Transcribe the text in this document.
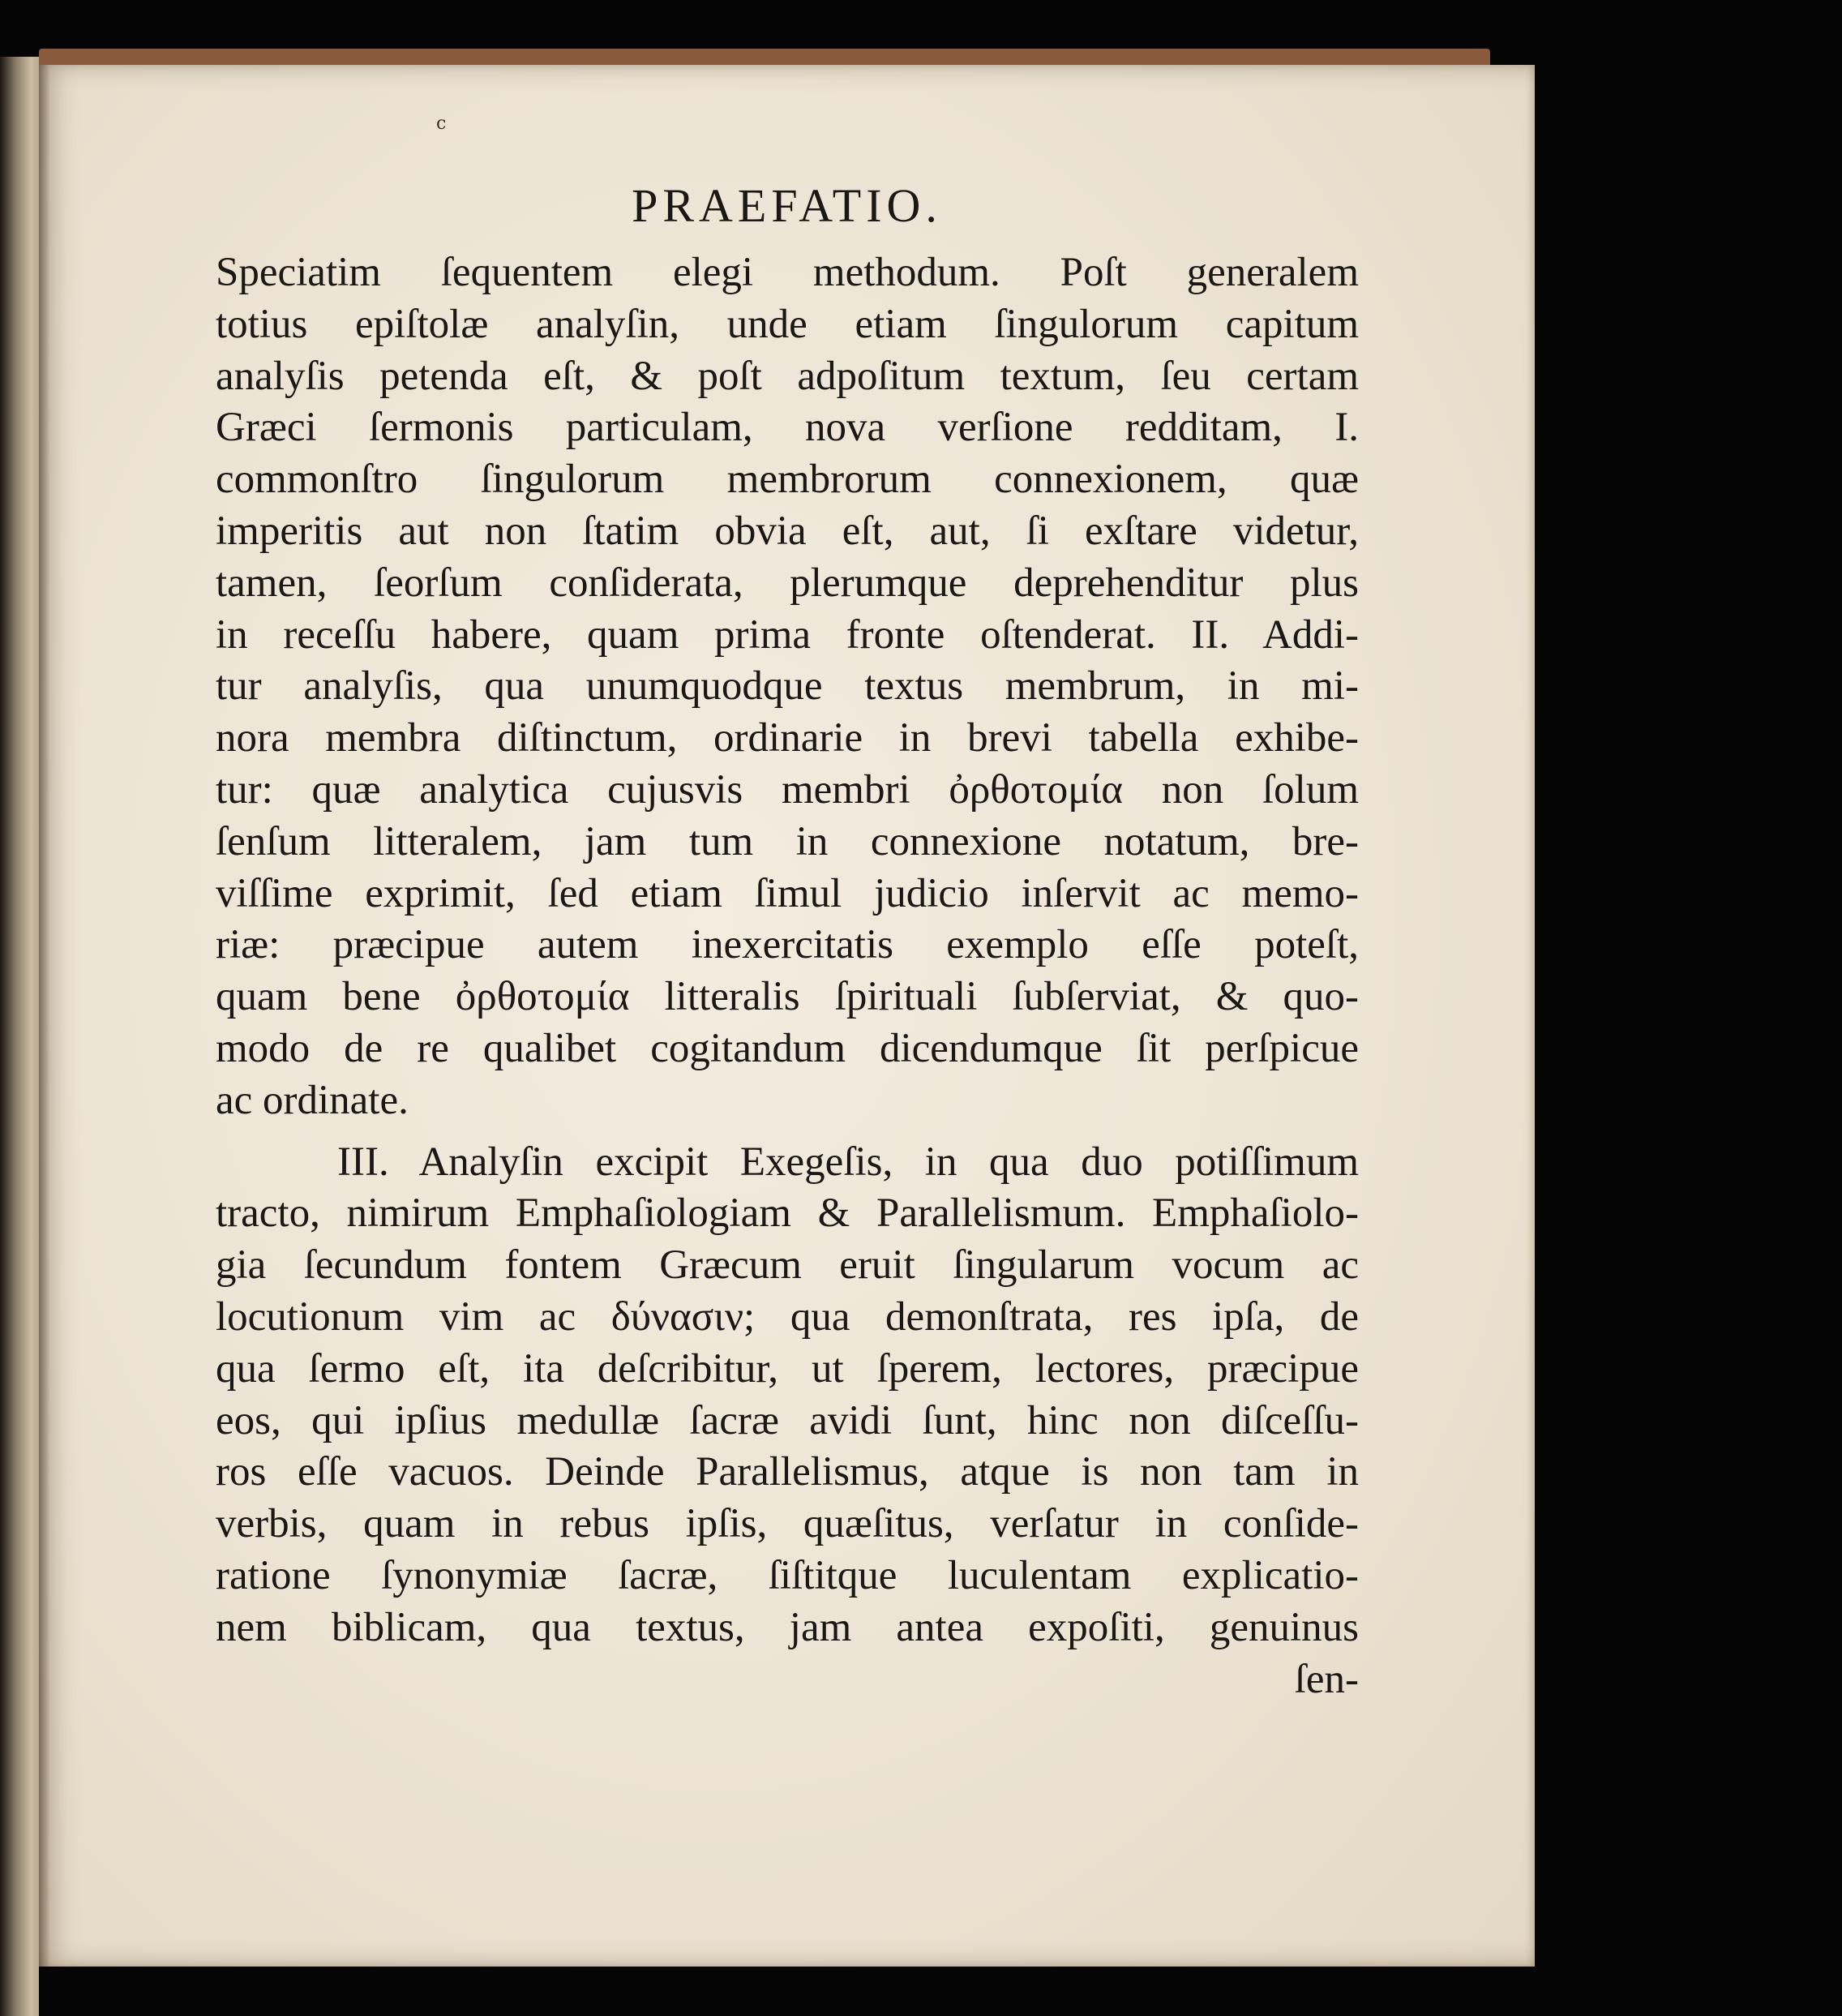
c
PRAEFATIO.
Speciatim ſequentem elegi methodum. Poſt generalem
totius epiſtolæ analyſin, unde etiam ſingulorum capitum
analyſis petenda eſt, & poſt adpoſitum textum, ſeu certam
Græci ſermonis particulam, nova verſione redditam, I.
commonſtro ſingulorum membrorum connexionem, quæ
imperitis aut non ſtatim obvia eſt, aut, ſi exſtare videtur,
tamen, ſeorſum conſiderata, plerumque deprehenditur plus
in receſſu habere, quam prima fronte oſtenderat. II. Addi-
tur analyſis, qua unumquodque textus membrum, in mi-
nora membra diſtinctum, ordinarie in brevi tabella exhibe-
tur: quæ analytica cujusvis membri ὀρθοτομία non ſolum
ſenſum litteralem, jam tum in connexione notatum, bre-
viſſime exprimit, ſed etiam ſimul judicio inſervit ac memo-
riæ: præcipue autem inexercitatis exemplo eſſe poteſt,
quam bene ὀρθοτομία litteralis ſpirituali ſubſerviat, & quo-
modo de re qualibet cogitandum dicendumque ſit perſpicue
ac ordinate.
III. Analyſin excipit Exegeſis, in qua duo potiſſimum
tracto, nimirum Emphaſiologiam & Parallelismum. Emphaſiolo-
gia ſecundum fontem Græcum eruit ſingularum vocum ac
locutionum vim ac δύνασιν; qua demonſtrata, res ipſa, de
qua ſermo eſt, ita deſcribitur, ut ſperem, lectores, præcipue
eos, qui ipſius medullæ ſacræ avidi ſunt, hinc non diſceſſu-
ros eſſe vacuos. Deinde Parallelismus, atque is non tam in
verbis, quam in rebus ipſis, quæſitus, verſatur in conſide-
ratione ſynonymiæ ſacræ, ſiſtitque luculentam explicatio-
nem biblicam, qua textus, jam antea expoſiti, genuinus
ſen-
